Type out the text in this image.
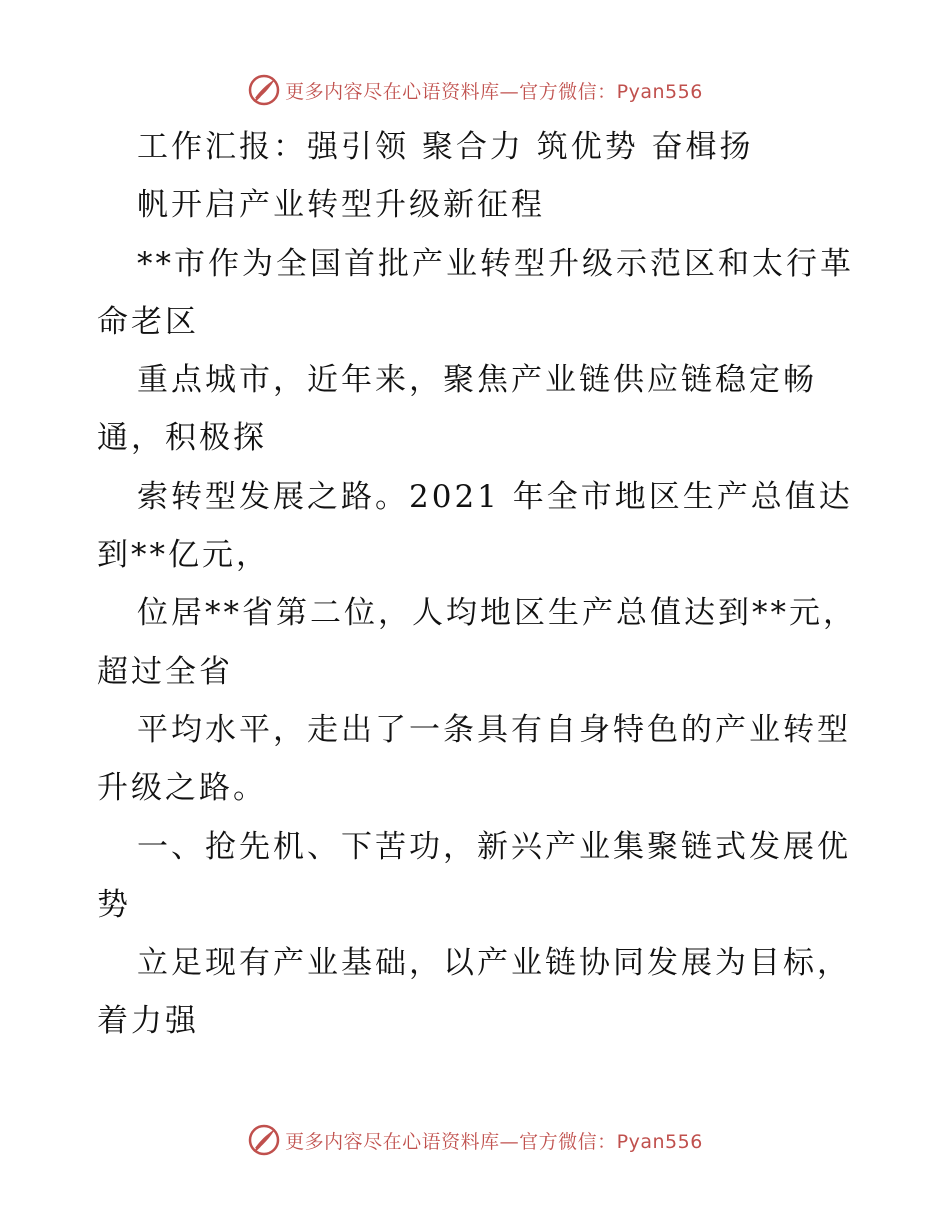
更多内容尽在心语资料库—官方微信：Pyan556
工作汇报：强引领 聚合力 筑优势 奋楫扬
帆开启产业转型升级新征程
**市作为全国首批产业转型升级示范区和太行革
命老区
重点城市，近年来，聚焦产业链供应链稳定畅
通，积极探
索转型发展之路。2021 年全市地区生产总值达
到**亿元，
位居**省第二位，人均地区生产总值达到**元，
超过全省
平均水平，走出了一条具有自身特色的产业转型
升级之路。
一、抢先机、下苦功，新兴产业集聚链式发展优
势
立足现有产业基础，以产业链协同发展为目标，
着力强
更多内容尽在心语资料库—官方微信：Pyan556
